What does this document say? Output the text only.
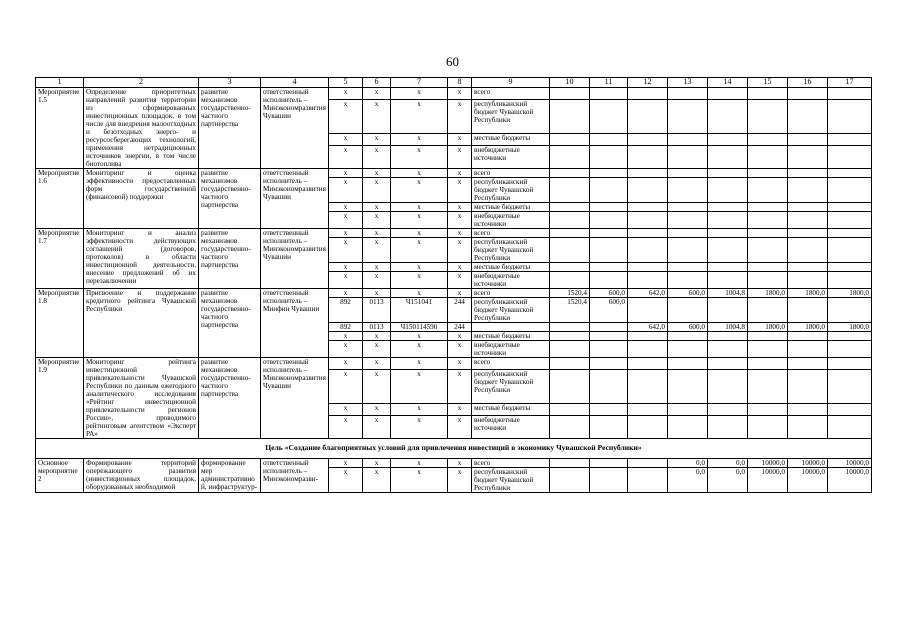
60
1	2	3	4	5	6	7	8	9	10	11	12	13	14	15	16	17
Мероприятие 1.5	Определение приоритетных направлений развития территории из сформированных инвестиционных площадок, в том числе для внедрения малоотходных и безотходных энерго- и ресурсосберегающих технологий, применения нетрадиционных источников энергии, в том числе биотоплива	развитие механизмов государственно-частного партнерства	ответственный исполнитель – Минэкономразвития Чувашии	x	x	x	x	всего								
				x	x	x	x	республиканский бюджет Чувашской Республики								
				x	x	x	x	местные бюджеты								
				x	x	x	x	внебюджетные источники								
Мероприятие 1.6	Мониторинг и оценка эффективности предоставленных форм государственной (финансовой) поддержки	развитие механизмов государственно-частного партнерства	ответственный исполнитель – Минэкономразвития Чувашии	x	x	x	x	всего								
				x	x	x	x	республиканский бюджет Чувашской Республики								
				x	x	x	x	местные бюджеты								
				x	x	x	x	внебюджетные источники								
Мероприятие 1.7	Мониторинг и анализ эффективности действующих соглашений (договоров, протоколов) в области инвестиционной деятельности, внесение предложений об их перезаключении	развитие механизмов государственно-частного партнерства	ответственный исполнитель – Минэкономразвития Чувашии	x	x	x	x	всего								
				x	x	x	x	республиканский бюджет Чувашской Республики								
				x	x	x	x	местные бюджеты								
				x	x	x	x	внебюджетные источники								
Мероприятие 1.8	Присвоение и поддержание кредитного рейтинга Чувашской Республики	развитие механизмов государственно-частного партнерства	ответственный исполнитель – Минфин Чувашии	x	x	x	x	всего	1520,4	600,0	642,0	600,0	1004,8	1800,0	1800,0	1800,0
				892	0113	Ч151041	244	республиканский бюджет Чувашской Республики	1520,4	600,0						
				892	0113	Ч150114590	244				642,0	600,0	1004,8	1800,0	1800,0	1800,0
				x	x	x	x	местные бюджеты								
				x	x	x	x	внебюджетные источники								
Мероприятие 1.9	Мониторинг рейтинга инвестиционной привлекательности Чувашской Республики по данным ежегодного аналитического исследования «Рейтинг инвестиционной привлекательности регионов России», проводимого рейтинговым агентством «Эксперт РА»	развитие механизмов государственно-частного партнерства	ответственный исполнитель – Минэкономразвития Чувашии	x	x	x	x	всего								
				x	x	x	x	республиканский бюджет Чувашской Республики								
				x	x	x	x	местные бюджеты								
				x	x	x	x	внебюджетные источники								
Цель «Создание благоприятных условий для привлечения инвестиций в экономику Чувашской Республики»																
Основное мероприятие 2	Формирование территорий опережающего развития (инвестиционных площадок, оборудованных необходимой	формирование мер административной, инфраструктур-	ответственный исполнитель – Минэкономразви-	x	x	x	x	всего				0,0	0,0	10000,0	10000,0	10000,0
				x	x	x	x	республиканский бюджет Чувашской Республики				0,0	0,0	10000,0	10000,0	10000,0
